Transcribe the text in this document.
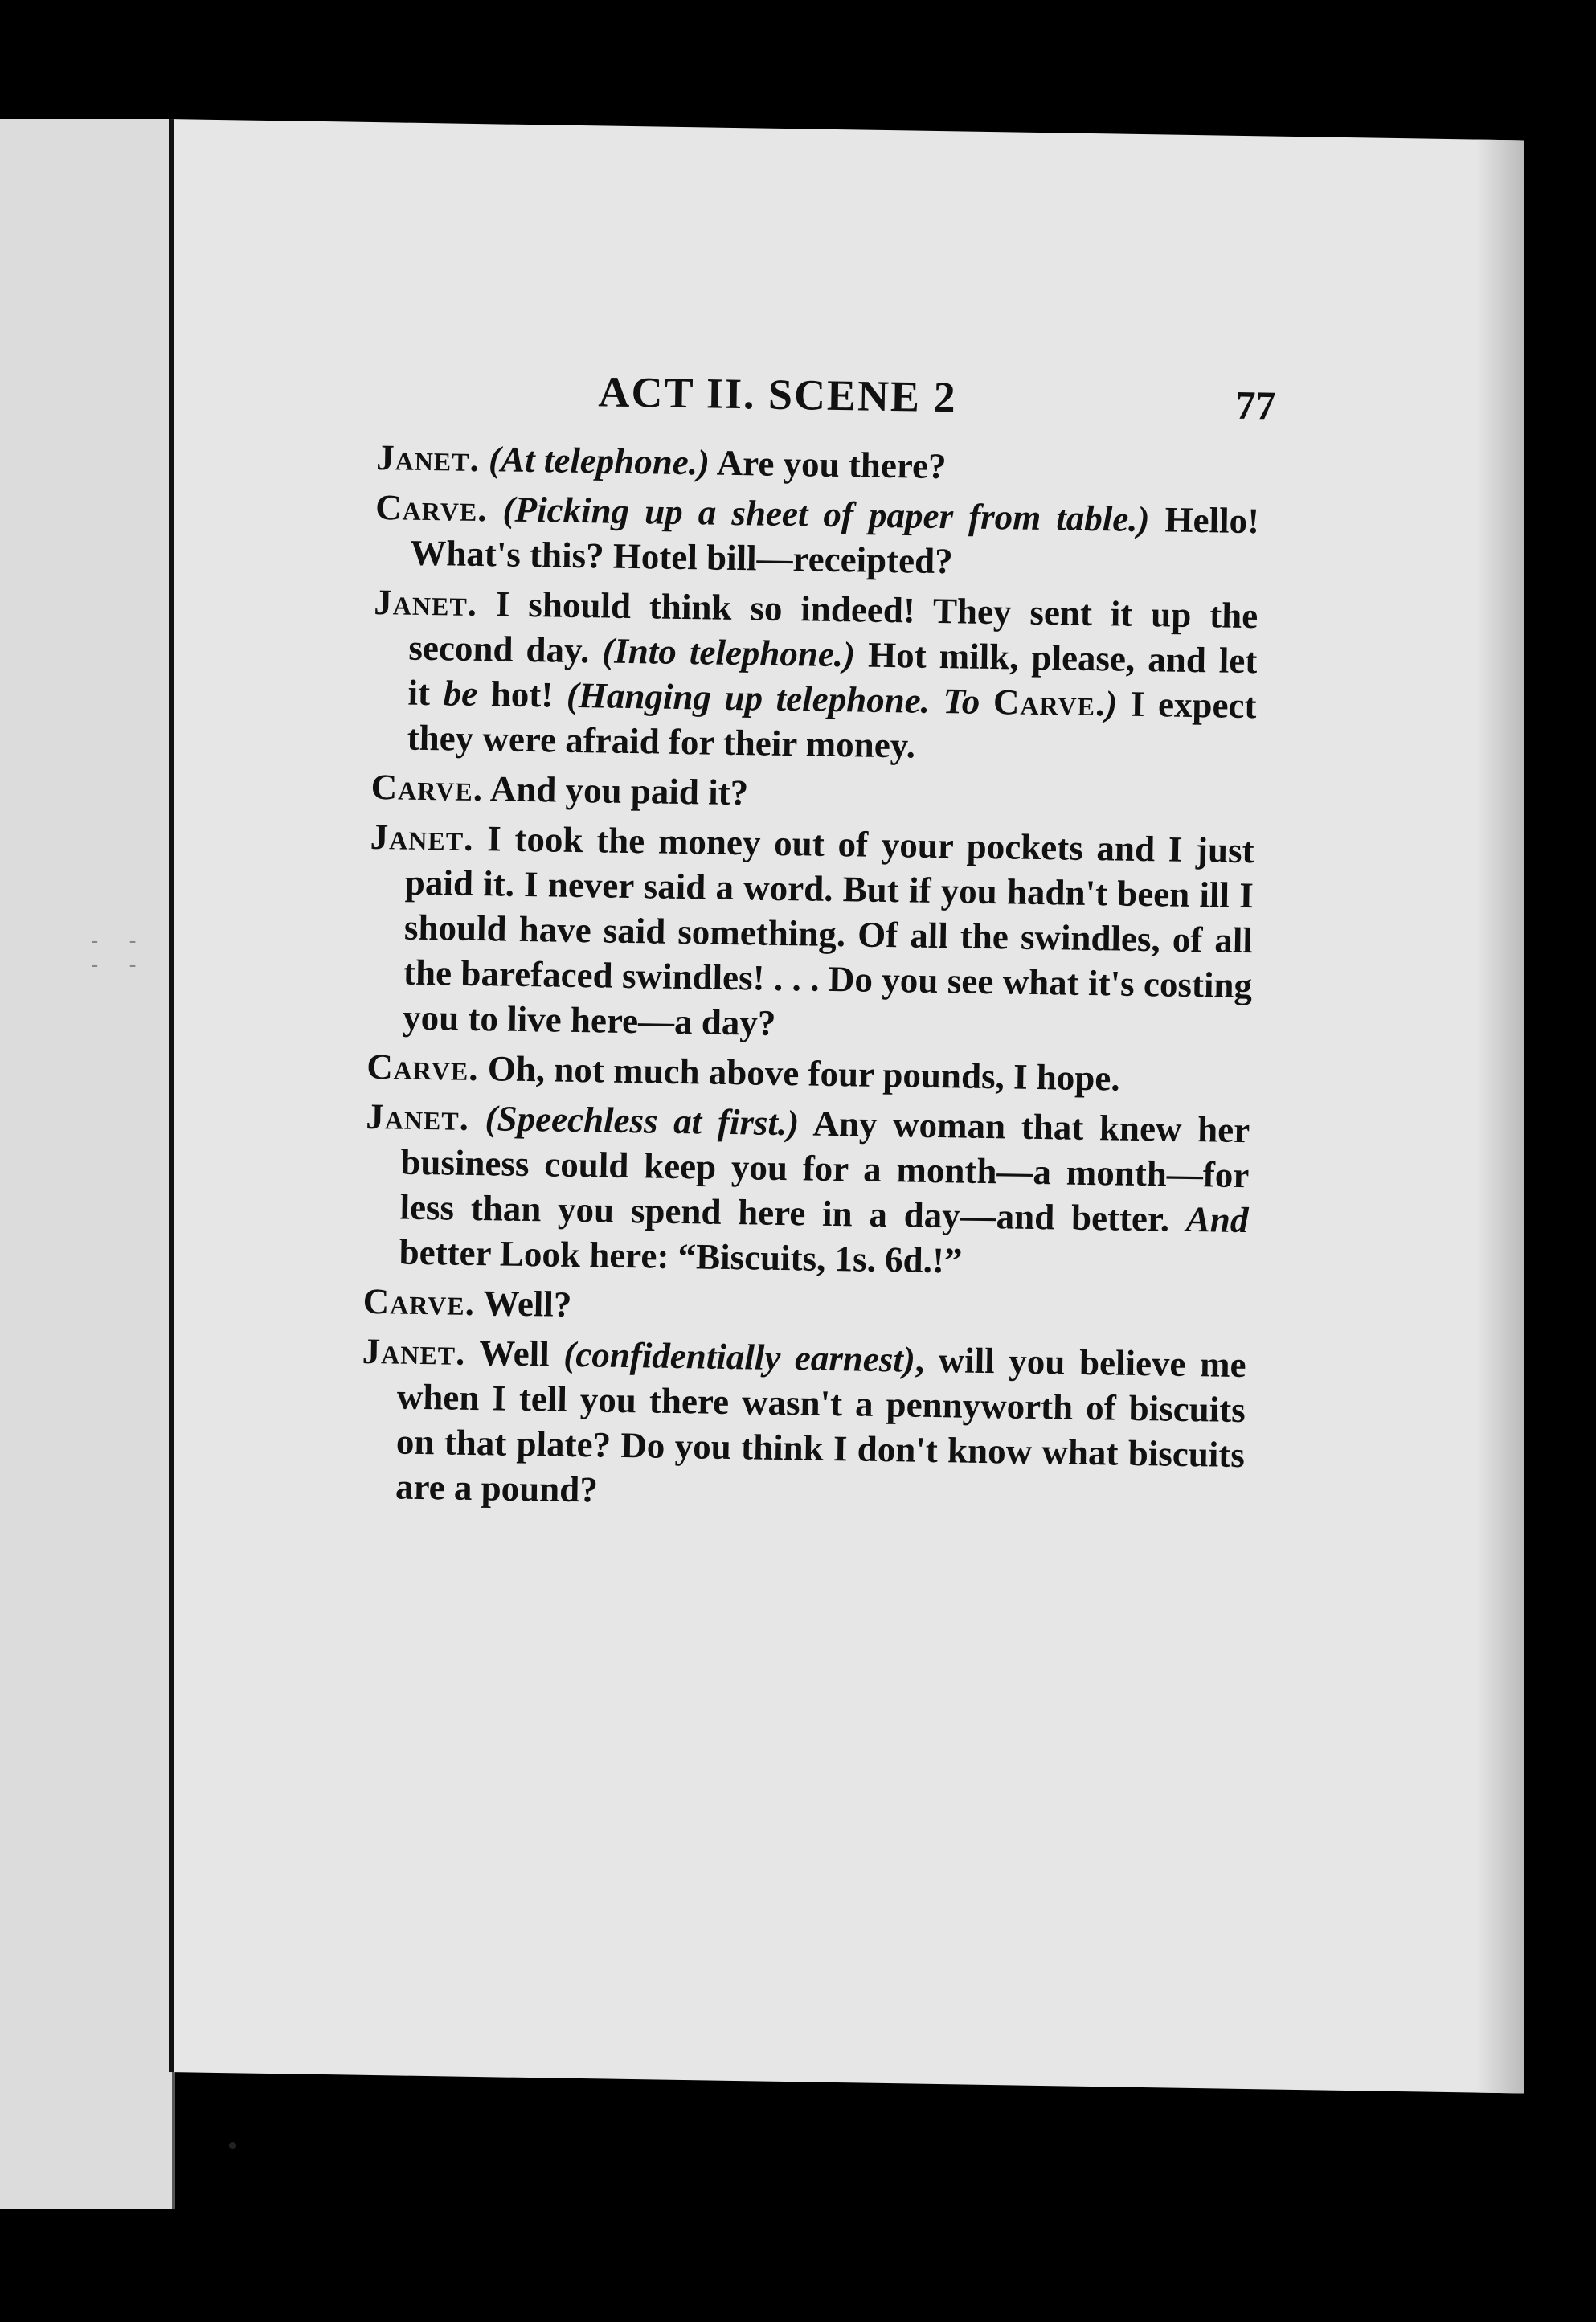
- - - -
ACT II. SCENE 2	77

Janet. (At telephone.) Are you there?

Carve. (Picking up a sheet of paper from table.) Hello! What's this? Hotel bill—receipted?

Janet. I should think so indeed! They sent it up the second day. (Into telephone.) Hot milk, please, and let it be hot! (Hanging up telephone. To Carve.) I expect they were afraid for their money.

Carve. And you paid it?

Janet. I took the money out of your pockets and I just paid it. I never said a word. But if you hadn't been ill I should have said something. Of all the swindles, of all the barefaced swindles! . . . Do you see what it's costing you to live here—a day?

Carve. Oh, not much above four pounds, I hope.

Janet. (Speechless at first.) Any woman that knew her business could keep you for a month—a month—for less than you spend here in a day—and better. And better Look here: “Biscuits, 1s. 6d.!”

Carve. Well?

Janet. Well (confidentially earnest), will you believe me when I tell you there wasn't a pennyworth of biscuits on that plate? Do you think I don't know what biscuits are a pound?
